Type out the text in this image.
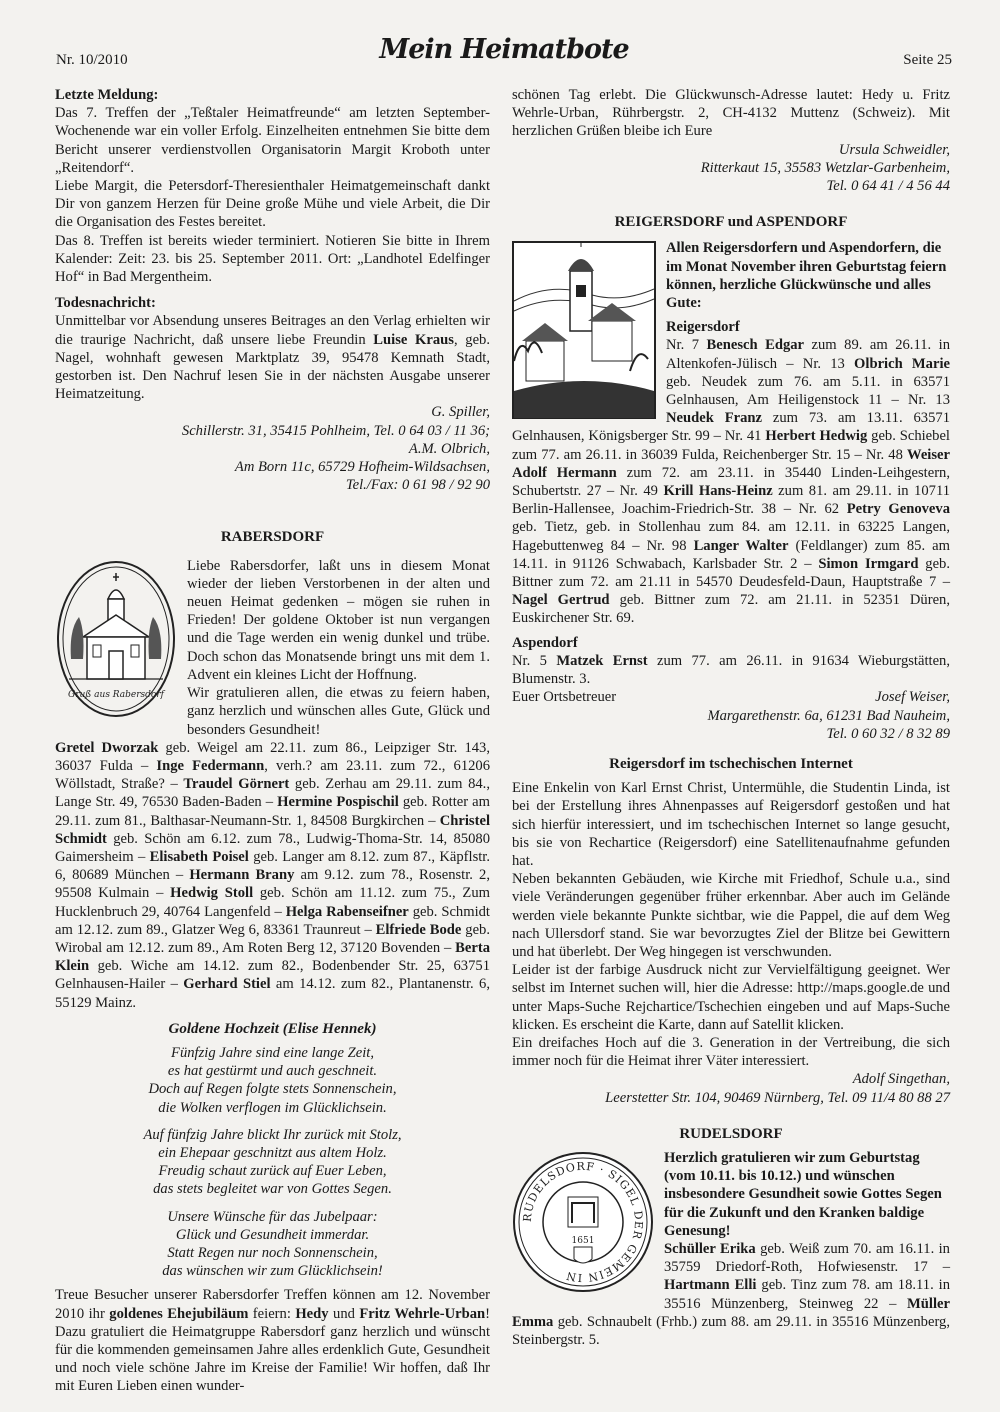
Nr. 10/2010	Mein Heimatbote	Seite 25

Letzte Meldung:

Das 7. Treffen der „Teßtaler Heimatfreunde“ am letzten September-Wochenende war ein voller Erfolg. Einzelheiten entnehmen Sie bitte dem Bericht unserer verdienstvollen Organisatorin Margit Kroboth unter „Reitendorf“.

Liebe Margit, die Petersdorf-Theresienthaler Heimatgemeinschaft dankt Dir von ganzem Herzen für Deine große Mühe und viele Arbeit, die Dir die Organisation des Festes bereitet.

Das 8. Treffen ist bereits wieder terminiert. Notieren Sie bitte in Ihrem Kalender: Zeit: 23. bis 25. September 2011. Ort: „Landhotel Edelfinger Hof“ in Bad Mergentheim.

Todesnachricht:

Unmittelbar vor Absendung unseres Beitrages an den Verlag erhielten wir die traurige Nachricht, daß unsere liebe Freundin Luise Kraus, geb. Nagel, wohnhaft gewesen Marktplatz 39, 95478 Kemnath Stadt, gestorben ist. Den Nachruf lesen Sie in der nächsten Ausgabe unserer Heimatzeitung.

G. Spiller,

Schillerstr. 31, 35415 Pohlheim, Tel. 0 64 03 / 11 36;

A.M. Olbrich,

Am Born 11c, 65729 Hofheim-Wildsachsen,

Tel./Fax: 0 61 98 / 92 90

RABERSDORF

Gruß aus Rabersdorf

Liebe Rabersdorfer, laßt uns in diesem Monat wieder der lieben Verstorbenen in der alten und neuen Heimat gedenken – mögen sie ruhen in Frieden! Der goldene Oktober ist nun vergangen und die Tage werden ein wenig dunkel und trübe. Doch schon das Monatsende bringt uns mit dem 1. Advent ein kleines Licht der Hoffnung.

Wir gratulieren allen, die etwas zu feiern haben, ganz herzlich und wünschen alles Gute, Glück und besonders Gesundheit!

Gretel Dworzak geb. Weigel am 22.11. zum 86., Leipziger Str. 143, 36037 Fulda – Inge Federmann, verh.? am 23.11. zum 72., 61206 Wöllstadt, Straße? – Traudel Görnert geb. Zerhau am 29.11. zum 84., Lange Str. 49, 76530 Baden-Baden – Hermine Pospischil geb. Rotter am 29.11. zum 81., Balthasar-Neumann-Str. 1, 84508 Burgkirchen – Christel Schmidt geb. Schön am 6.12. zum 78., Ludwig-Thoma-Str. 14, 85080 Gaimersheim – Elisabeth Poisel geb. Langer am 8.12. zum 87., Käpflstr. 6, 80689 München – Hermann Brany am 9.12. zum 78., Rosenstr. 2, 95508 Kulmain – Hedwig Stoll geb. Schön am 11.12. zum 75., Zum Hucklenbruch 29, 40764 Langenfeld – Helga Rabenseifner geb. Schmidt am 12.12. zum 89., Glatzer Weg 6, 83361 Traunreut – Elfriede Bode geb. Wirobal am 12.12. zum 89., Am Roten Berg 12, 37120 Bovenden – Berta Klein geb. Wiche am 14.12. zum 82., Bodenbender Str. 25, 63751 Gelnhausen-Hailer – Gerhard Stiel am 14.12. zum 82., Plantanenstr. 6, 55129 Mainz.

Goldene Hochzeit (Elise Hennek)

Fünfzig Jahre sind eine lange Zeit,

es hat gestürmt und auch geschneit.

Doch auf Regen folgte stets Sonnenschein,

die Wolken verflogen im Glücklichsein.

Auf fünfzig Jahre blickt Ihr zurück mit Stolz,

ein Ehepaar geschnitzt aus altem Holz.

Freudig schaut zurück auf Euer Leben,

das stets begleitet war von Gottes Segen.

Unsere Wünsche für das Jubelpaar:

Glück und Gesundheit immerdar.

Statt Regen nur noch Sonnenschein,

das wünschen wir zum Glücklichsein!

Treue Besucher unserer Rabersdorfer Treffen können am 12. November 2010 ihr goldenes Ehejubiläum feiern: Hedy und Fritz Wehrle-Urban! Dazu gratuliert die Heimatgruppe Rabersdorf ganz herzlich und wünscht für die kommenden gemeinsamen Jahre alles erdenklich Gute, Gesundheit und noch viele schöne Jahre im Kreise der Familie! Wir hoffen, daß Ihr mit Euren Lieben einen wunder-

schönen Tag erlebt. Die Glückwunsch-Adresse lautet: Hedy u. Fritz Wehrle-Urban, Rührbergstr. 2, CH-4132 Muttenz (Schweiz). Mit herzlichen Grüßen bleibe ich Eure

Ursula Schweidler,

Ritterkaut 15, 35583 Wetzlar-Garbenheim,

Tel. 0 64 41 / 4 56 44

REIGERSDORF und ASPENDORF

Allen Reigersdorfern und Aspendorfern, die im Monat November ihren Geburtstag feiern können, herzliche Glückwünsche und alles Gute:

Reigersdorf

Nr. 7 Benesch Edgar zum 89. am 26.11. in Altenkofen-Jülisch – Nr. 13 Olbrich Marie geb. Neudek zum 76. am 5.11. in 63571 Gelnhausen, Am Heiligenstock 11 – Nr. 13 Neudek Franz zum 73. am 13.11. 63571 Gelnhausen, Königsberger Str. 99 – Nr. 41 Herbert Hedwig geb. Schiebel zum 77. am 26.11. in 36039 Fulda, Reichenberger Str. 15 – Nr. 48 Weiser Adolf Hermann zum 72. am 23.11. in 35440 Linden-Leihgestern, Schubertstr. 27 – Nr. 49 Krill Hans-Heinz zum 81. am 29.11. in 10711 Berlin-Hallensee, Joachim-Friedrich-Str. 38 – Nr. 62 Petry Genoveva geb. Tietz, geb. in Stollenhau zum 84. am 12.11. in 63225 Langen, Hagebuttenweg 84 – Nr. 98 Langer Walter (Feldlanger) zum 85. am 14.11. in 91126 Schwabach, Karlsbader Str. 2 – Simon Irmgard geb. Bittner zum 72. am 21.11 in 54570 Deudesfeld-Daun, Hauptstraße 7 – Nagel Gertrud geb. Bittner zum 72. am 21.11. in 52351 Düren, Euskirchener Str. 69.

Aspendorf

Nr. 5 Matzek Ernst zum 77. am 26.11. in 91634 Wieburgstätten, Blumenstr. 3.

Euer Ortsbetreuer	Josef Weiser,

Margarethenstr. 6a, 61231 Bad Nauheim,

Tel. 0 60 32 / 8 32 89

Reigersdorf im tschechischen Internet

Eine Enkelin von Karl Ernst Christ, Untermühle, die Studentin Linda, ist bei der Erstellung ihres Ahnenpasses auf Reigersdorf gestoßen und hat sich hierfür interessiert, und im tschechischen Internet so lange gesucht, bis sie von Rechartice (Reigersdorf) eine Satellitenaufnahme gefunden hat.

Neben bekannten Gebäuden, wie Kirche mit Friedhof, Schule u.a., sind viele Veränderungen gegenüber früher erkennbar. Aber auch im Gelände werden viele bekannte Punkte sichtbar, wie die Pappel, die auf dem Weg nach Ullersdorf stand. Sie war bevorzugtes Ziel der Blitze bei Gewittern und hat überlebt. Der Weg hingegen ist verschwunden.

Leider ist der farbige Ausdruck nicht zur Vervielfältigung geeignet. Wer selbst im Internet suchen will, hier die Adresse: http://maps.google.de und unter Maps-Suche Rejchartice/Tschechien eingeben und auf Maps-Suche klicken. Es erscheint die Karte, dann auf Satellit klicken.

Ein dreifaches Hoch auf die 3. Generation in der Vertreibung, die sich immer noch für die Heimat ihrer Väter interessiert.

Adolf Singethan,

Leerstetter Str. 104, 90469 Nürnberg, Tel. 09 11/4 80 88 27

RUDELSDORF

RUDELSDORF · SIGEL DER GEMEIN IN
1651

Herzlich gratulieren wir zum Geburtstag (vom 10.11. bis 10.12.) und wünschen insbesondere Gesundheit sowie Gottes Segen für die Zukunft und den Kranken baldige Genesung!

Schüller Erika geb. Weiß zum 70. am 16.11. in 35759 Driedorf-Roth, Hofwiesenstr. 17 – Hartmann Elli geb. Tinz zum 78. am 18.11. in 35516 Münzenberg, Steinweg 22 – Müller Emma geb. Schnaubelt (Frhb.) zum 88. am 29.11. in 35516 Münzenberg, Steinbergstr. 5.
